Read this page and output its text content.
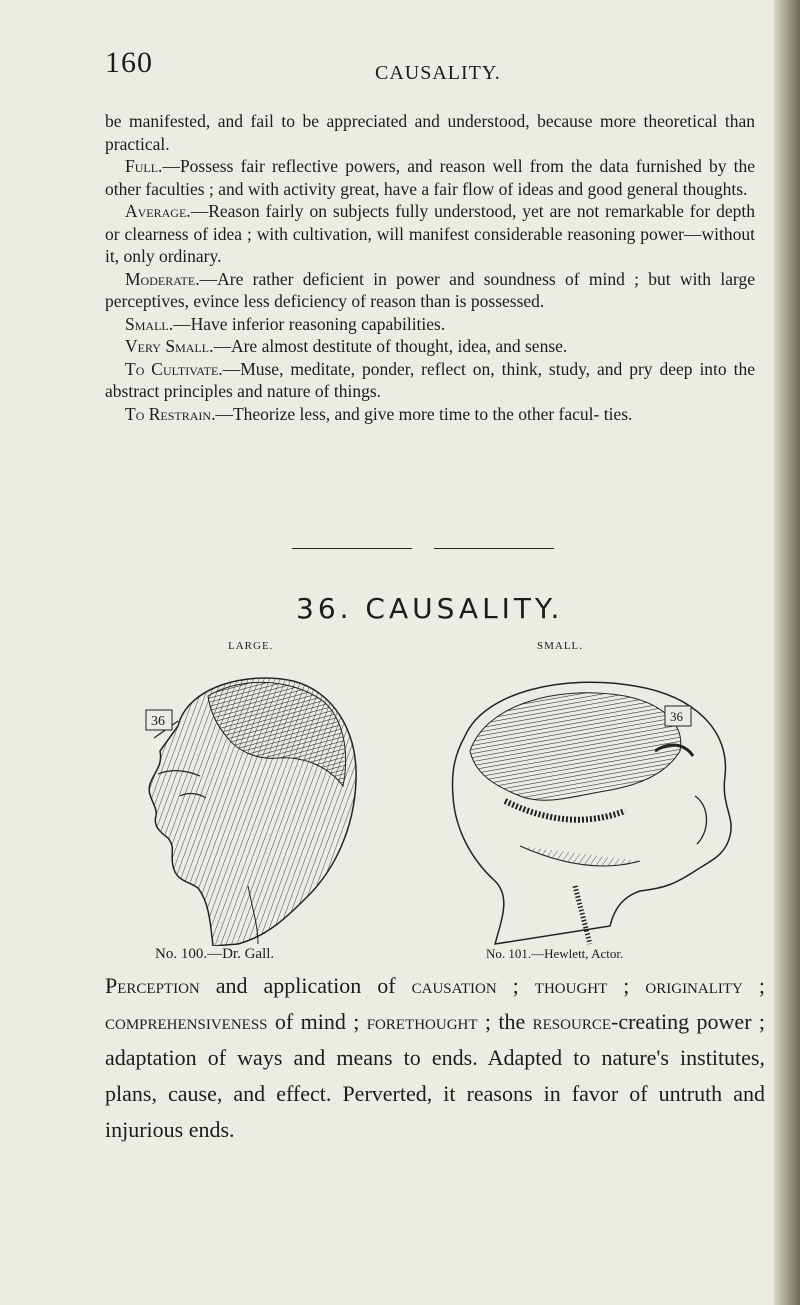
160	CAUSALITY.

be manifested, and fail to be appreciated and understood, because more theoretical than practical.

Full.—Possess fair reflective powers, and reason well from the data furnished by the other faculties ; and with activity great, have a fair flow of ideas and good general thoughts.

Average.—Reason fairly on subjects fully understood, yet are not remarkable for depth or clearness of idea ; with cultivation, will manifest considerable reasoning power—without it, only ordinary.

Moderate.—Are rather deficient in power and soundness of mind ; but with large perceptives, evince less deficiency of reason than is possessed.

Small.—Have inferior reasoning capabilities.

Very Small.—Are almost destitute of thought, idea, and sense.

To Cultivate.—Muse, meditate, ponder, reflect on, think, study, and pry deep into the abstract principles and nature of things.

To Restrain.—Theorize less, and give more time to the other facul- ties.

36. CAUSALITY.
LARGE.	SMALL.
36	36
No. 100.—Dr. Gall.	No. 101.—Hewlett, Actor.

Perception and application of causation ; thought ; originality ; comprehensiveness of mind ; forethought ; the resource-creating power ; adaptation of ways and means to ends. Adapted to nature's institutes, plans, cause, and effect. Perverted, it reasons in favor of untruth and injurious ends.
